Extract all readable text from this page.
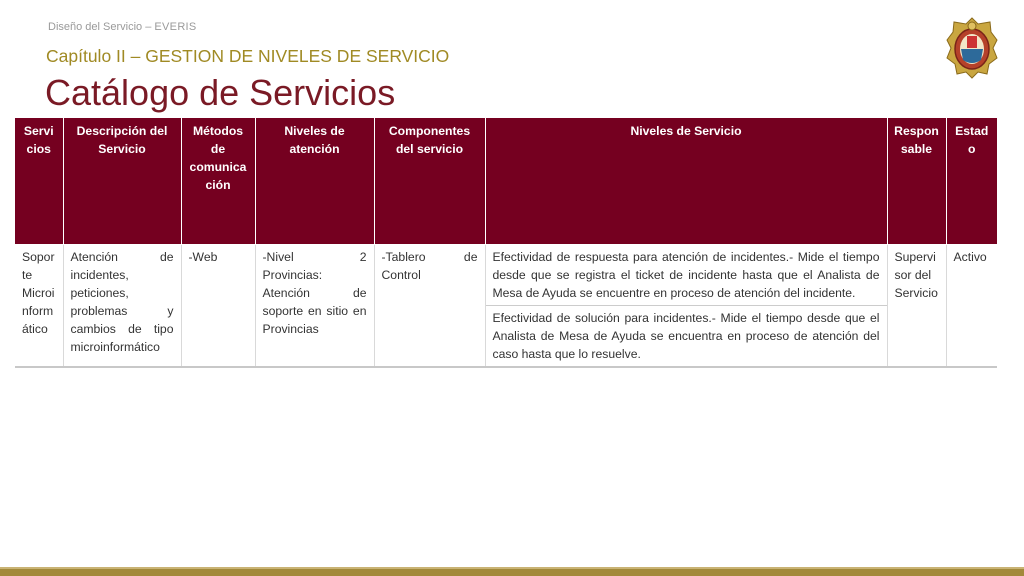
Diseño del Servicio – EVERIS
Capítulo II – GESTION DE NIVELES DE SERVICIO
Catálogo de Servicios
Servicios	Descripción del Servicio	Métodos de comunicación	Niveles de atención	Componentes del servicio	Niveles de Servicio	Responsable	Estado
Soporte Microinformático	Atención de incidentes, peticiones, problemas y cambios de tipo microinformático	-Web	-Nivel 2 Provincias: Atención de soporte en sitio en Provincias	-Tablero de Control	Efectividad de respuesta para atención de incidentes.- Mide el tiempo desde que se registra el ticket de incidente hasta que el Analista de Mesa de Ayuda se encuentre en proceso de atención del incidente.	Supervisor del Servicio	Activo
					Efectividad de solución para incidentes.- Mide el tiempo desde que el Analista de Mesa de Ayuda se encuentra en proceso de atención del caso hasta que lo resuelve.		
